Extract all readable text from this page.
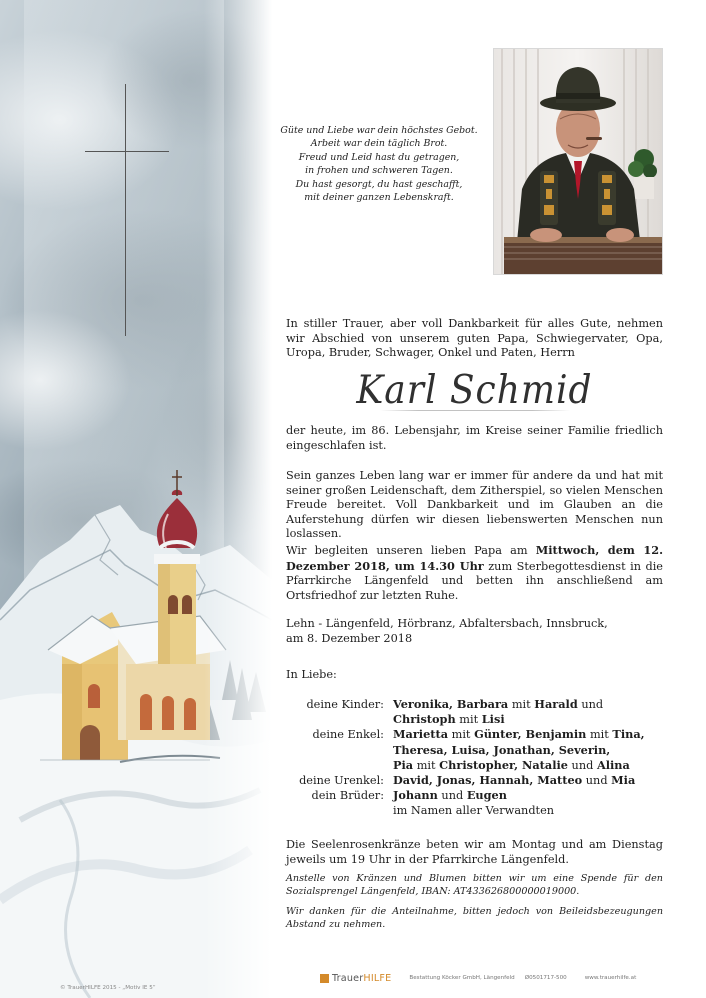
Güte und Liebe war dein höchstes Gebot.
Arbeit war dein täglich Brot.
Freud und Leid hast du getragen,
in frohen und schweren Tagen.
Du hast gesorgt, du hast geschafft,
mit deiner ganzen Lebenskraft.
In stiller Trauer, aber voll Dankbarkeit für alles Gute, nehmen wir Abschied von unserem guten Papa, Schwiegervater, Opa, Uropa, Bruder, Schwager, Onkel und Paten, Herrn
Karl Schmid
der heute, im 86. Lebensjahr, im Kreise seiner Familie friedlich eingeschlafen ist.
Sein ganzes Leben lang war er immer für andere da und hat mit seiner großen Leidenschaft, dem Zitherspiel, so vielen Menschen Freude bereitet. Voll Dankbarkeit und im Glauben an die Auferstehung dürfen wir diesen liebenswerten Menschen nun loslassen.
Wir begleiten unseren lieben Papa am Mittwoch, dem 12. Dezember 2018, um 14.30 Uhr zum Sterbegottesdienst in die Pfarrkirche Längenfeld und betten ihn anschließend am Ortsfriedhof zur letzten Ruhe.
Lehn - Längenfeld, Hörbranz, Abfaltersbach, Innsbruck,
am 8. Dezember 2018
In Liebe:
deine Kinder: Veronika, Barbara mit Harald und
Christoph mit Lisi
deine Enkel: Marietta mit Günter, Benjamin mit Tina,
Theresa, Luisa, Jonathan, Severin,
Pia mit Christopher, Natalie und Alina
deine Urenkel: David, Jonas, Hannah, Matteo und Mia
dein Brüder: Johann und Eugen
im Namen aller Verwandten
Die Seelenrosenkränze beten wir am Montag und am Dienstag jeweils um 19 Uhr in der Pfarrkirche Längenfeld.
Anstelle von Kränzen und Blumen bitten wir um eine Spende für den Sozialsprengel Längenfeld, IBAN: AT433626800000019000.
Wir danken für die Anteilnahme, bitten jedoch von Beileidsbezeugungen Abstand zu nehmen.
© TrauerHILFE 2015 - „Motiv IE 5“
TrauerHILFE	Bestattung Köcker GmbH, Längenfeld Ø0501717-500	www.trauerhilfe.at
